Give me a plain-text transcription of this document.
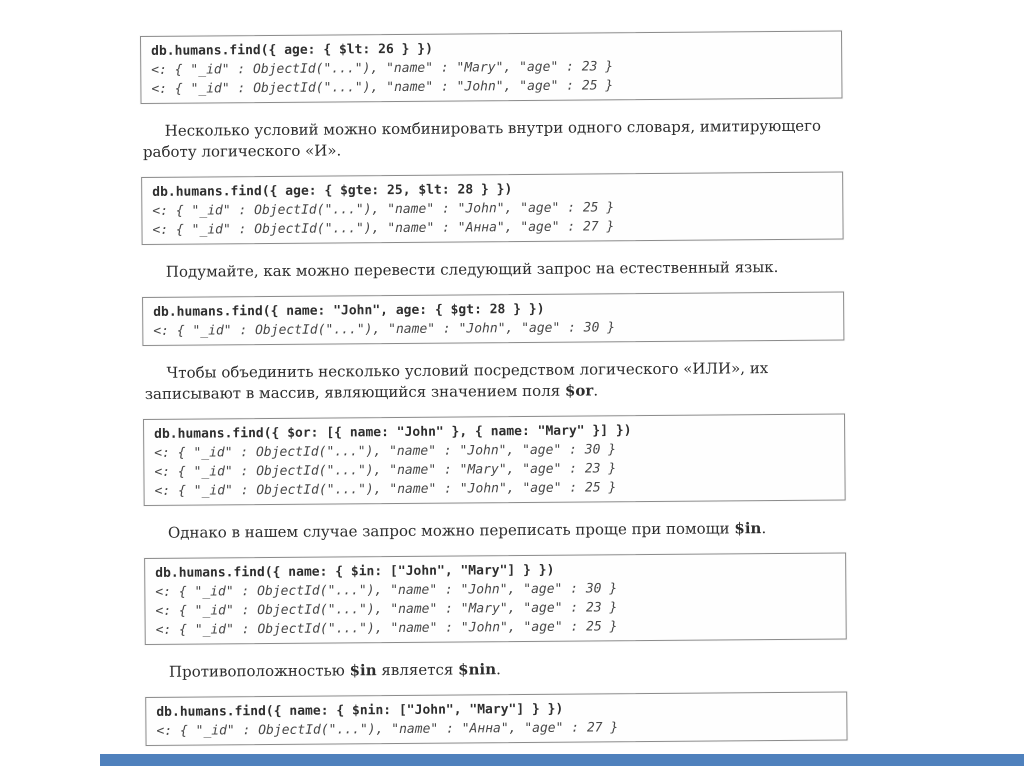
db.humans.find({ age: { $lt: 26 } })
<: { "_id" : ObjectId("..."), "name" : "Mary", "age" : 23 }
<: { "_id" : ObjectId("..."), "name" : "John", "age" : 25 }

Несколько условий можно комбинировать внутри одного словаря, имитирующего работу логического «И».

db.humans.find({ age: { $gte: 25, $lt: 28 } })
<: { "_id" : ObjectId("..."), "name" : "John", "age" : 25 }
<: { "_id" : ObjectId("..."), "name" : "Анна", "age" : 27 }

Подумайте, как можно перевести следующий запрос на естественный язык.

db.humans.find({ name: "John", age: { $gt: 28 } })
<: { "_id" : ObjectId("..."), "name" : "John", "age" : 30 }

Чтобы объединить несколько условий посредством логического «ИЛИ», их записывают в массив, являющийся значением поля $or.

db.humans.find({ $or: [{ name: "John" }, { name: "Mary" }] })
<: { "_id" : ObjectId("..."), "name" : "John", "age" : 30 }
<: { "_id" : ObjectId("..."), "name" : "Mary", "age" : 23 }
<: { "_id" : ObjectId("..."), "name" : "John", "age" : 25 }

Однако в нашем случае запрос можно переписать проще при помощи $in.

db.humans.find({ name: { $in: ["John", "Mary"] } })
<: { "_id" : ObjectId("..."), "name" : "John", "age" : 30 }
<: { "_id" : ObjectId("..."), "name" : "Mary", "age" : 23 }
<: { "_id" : ObjectId("..."), "name" : "John", "age" : 25 }

Противоположностью $in является $nin.

db.humans.find({ name: { $nin: ["John", "Mary"] } })
<: { "_id" : ObjectId("..."), "name" : "Анна", "age" : 27 }
